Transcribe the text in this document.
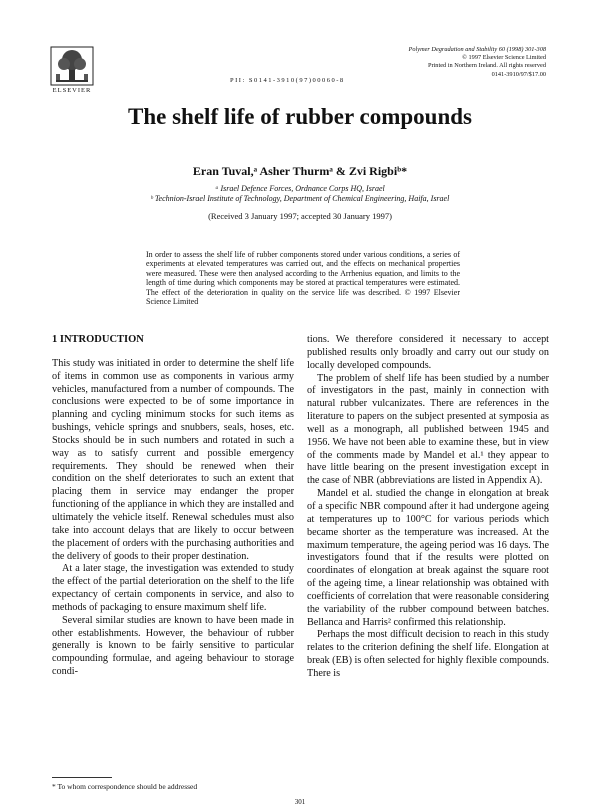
ELSEVIER
PII: S0141-3910(97)00060-8
Polymer Degradation and Stability 60 (1998) 301-308
© 1997 Elsevier Science Limited
Printed in Northern Ireland. All rights reserved
0141-3910/97/$17.00
The shelf life of rubber compounds
Eran Tuval,ᵃ Asher Thurmᵃ & Zvi Rigbiᵇ*
ᵃ Israel Defence Forces, Ordnance Corps HQ, Israel
ᵇ Technion-Israel Institute of Technology, Department of Chemical Engineering, Haifa, Israel
(Received 3 January 1997; accepted 30 January 1997)
In order to assess the shelf life of rubber components stored under various conditions, a series of experiments at elevated temperatures was carried out, and the effects on mechanical properties were measured. These were then analysed according to the Arrhenius equation, and limits to the length of time during which components may be stored at practical temperatures were estimated. The effect of the deterioration in quality on the service life was described. © 1997 Elsevier Science Limited
1 INTRODUCTION

This study was initiated in order to determine the shelf life of items in common use as components in various army vehicles, manufactured from a number of compounds. The conclusions were expected to be of some importance in planning and cycling minimum stocks for such items as bushings, vehicle springs and snubbers, seals, hoses, etc. Stocks should be in such numbers and rotated in such a way as to satisfy current and possible emergency requirements. They should be renewed when their condition on the shelf deteriorates to such an extent that placing them in service may endanger the proper functioning of the appliance in which they are installed and ultimately the vehicle itself. Renewal schedules must also take into account delays that are likely to occur between the placement of orders with the purchasing authorities and the delivery of goods to their proper destination.

At a later stage, the investigation was extended to study the effect of the partial deterioration on the shelf to the life expectancy of certain components in service, and also to methods of packaging to ensure maximum shelf life.

Several similar studies are known to have been made in other establishments. However, the behaviour of rubber generally is known to be fairly sensitive to particular compounding formulae, and ageing behaviour to storage condi-

tions. We therefore considered it necessary to accept published results only broadly and carry out our study on locally developed compounds.

The problem of shelf life has been studied by a number of investigators in the past, mainly in connection with natural rubber vulcanizates. There are references in the literature to papers on the subject presented at symposia as well as a monograph, all published between 1945 and 1956. We have not been able to examine these, but in view of the comments made by Mandel et al.¹ they appear to have little bearing on the present investigation except in the case of NBR (abbreviations are listed in Appendix A).

Mandel et al. studied the change in elongation at break of a specific NBR compound after it had undergone ageing at temperatures up to 100°C for various periods which became shorter as the temperature was increased. At the maximum temperature, the ageing period was 16 days. The investigators found that if the results were plotted on coordinates of elongation at break against the square root of the ageing time, a linear relationship was obtained with coefficients of correlation that were reasonable considering the variability of the rubber compound between batches. Bellanca and Harris² confirmed this relationship.

Perhaps the most difficult decision to reach in this study relates to the criterion defining the shelf life. Elongation at break (EB) is often selected for highly flexible compounds. There is

* To whom correspondence should be addressed
301
